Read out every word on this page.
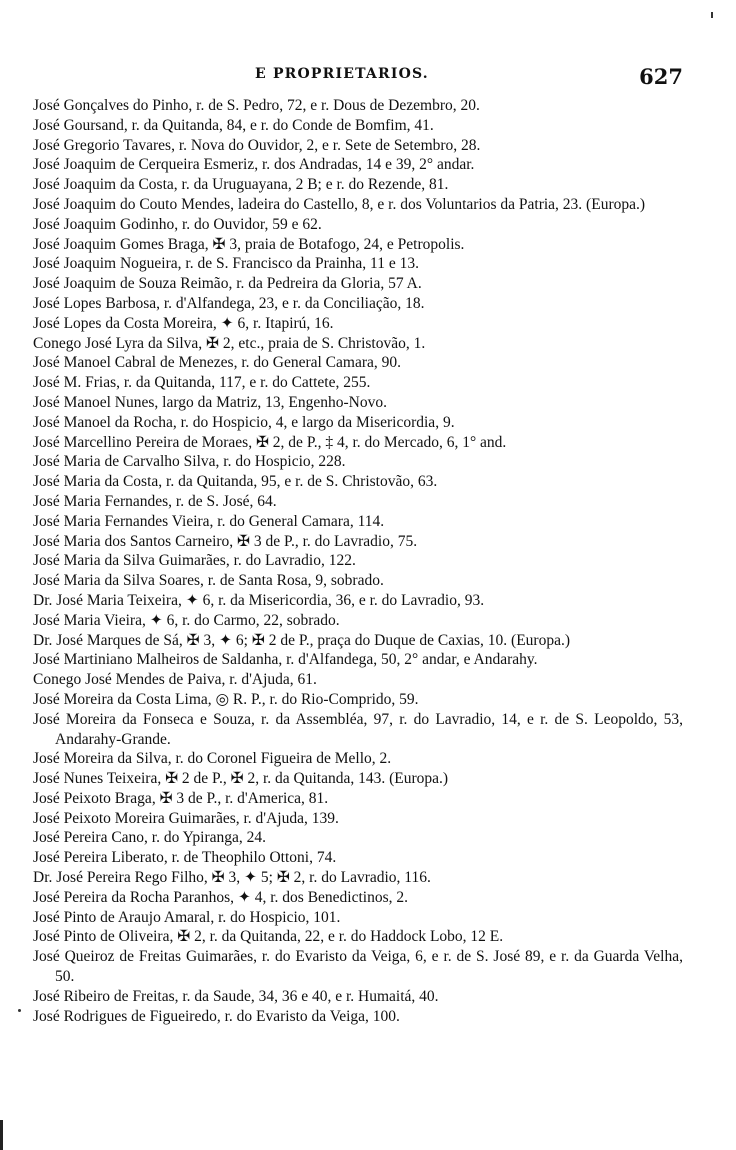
E PROPRIETARIOS.	627
José Gonçalves do Pinho, r. de S. Pedro, 72, e r. Dous de Dezembro, 20.
José Goursand, r. da Quitanda, 84, e r. do Conde de Bomfim, 41.
José Gregorio Tavares, r. Nova do Ouvidor, 2, e r. Sete de Setembro, 28.
José Joaquim de Cerqueira Esmeriz, r. dos Andradas, 14 e 39, 2° andar.
José Joaquim da Costa, r. da Uruguayana, 2 B; e r. do Rezende, 81.
José Joaquim do Couto Mendes, ladeira do Castello, 8, e r. dos Voluntarios da Patria, 23. (Europa.)
José Joaquim Godinho, r. do Ouvidor, 59 e 62.
José Joaquim Gomes Braga, ✠ 3, praia de Botafogo, 24, e Petropolis.
José Joaquim Nogueira, r. de S. Francisco da Prainha, 11 e 13.
José Joaquim de Souza Reimão, r. da Pedreira da Gloria, 57 A.
José Lopes Barbosa, r. d'Alfandega, 23, e r. da Conciliação, 18.
José Lopes da Costa Moreira, ✦ 6, r. Itapirú, 16.
Conego José Lyra da Silva, ✠ 2, etc., praia de S. Christovão, 1.
José Manoel Cabral de Menezes, r. do General Camara, 90.
José M. Frias, r. da Quitanda, 117, e r. do Cattete, 255.
José Manoel Nunes, largo da Matriz, 13, Engenho-Novo.
José Manoel da Rocha, r. do Hospicio, 4, e largo da Misericordia, 9.
José Marcellino Pereira de Moraes, ✠ 2, de P., ‡ 4, r. do Mercado, 6, 1° and.
José Maria de Carvalho Silva, r. do Hospicio, 228.
José Maria da Costa, r. da Quitanda, 95, e r. de S. Christovão, 63.
José Maria Fernandes, r. de S. José, 64.
José Maria Fernandes Vieira, r. do General Camara, 114.
José Maria dos Santos Carneiro, ✠ 3 de P., r. do Lavradio, 75.
José Maria da Silva Guimarães, r. do Lavradio, 122.
José Maria da Silva Soares, r. de Santa Rosa, 9, sobrado.
Dr. José Maria Teixeira, ✦ 6, r. da Misericordia, 36, e r. do Lavradio, 93.
José Maria Vieira, ✦ 6, r. do Carmo, 22, sobrado.
Dr. José Marques de Sá, ✠ 3, ✦ 6; ✠ 2 de P., praça do Duque de Caxias, 10. (Europa.)
José Martiniano Malheiros de Saldanha, r. d'Alfandega, 50, 2° andar, e Andarahy.
Conego José Mendes de Paiva, r. d'Ajuda, 61.
José Moreira da Costa Lima, ◎ R. P., r. do Rio-Comprido, 59.
José Moreira da Fonseca e Souza, r. da Assembléa, 97, r. do Lavradio, 14, e r. de S. Leopoldo, 53, Andarahy-Grande.
José Moreira da Silva, r. do Coronel Figueira de Mello, 2.
José Nunes Teixeira, ✠ 2 de P., ✠ 2, r. da Quitanda, 143. (Europa.)
José Peixoto Braga, ✠ 3 de P., r. d'America, 81.
José Peixoto Moreira Guimarães, r. d'Ajuda, 139.
José Pereira Cano, r. do Ypiranga, 24.
José Pereira Liberato, r. de Theophilo Ottoni, 74.
Dr. José Pereira Rego Filho, ✠ 3, ✦ 5; ✠ 2, r. do Lavradio, 116.
José Pereira da Rocha Paranhos, ✦ 4, r. dos Benedictinos, 2.
José Pinto de Araujo Amaral, r. do Hospicio, 101.
José Pinto de Oliveira, ✠ 2, r. da Quitanda, 22, e r. do Haddock Lobo, 12 E.
José Queiroz de Freitas Guimarães, r. do Evaristo da Veiga, 6, e r. de S. José 89, e r. da Guarda Velha, 50.
José Ribeiro de Freitas, r. da Saude, 34, 36 e 40, e r. Humaitá, 40.
José Rodrigues de Figueiredo, r. do Evaristo da Veiga, 100.
